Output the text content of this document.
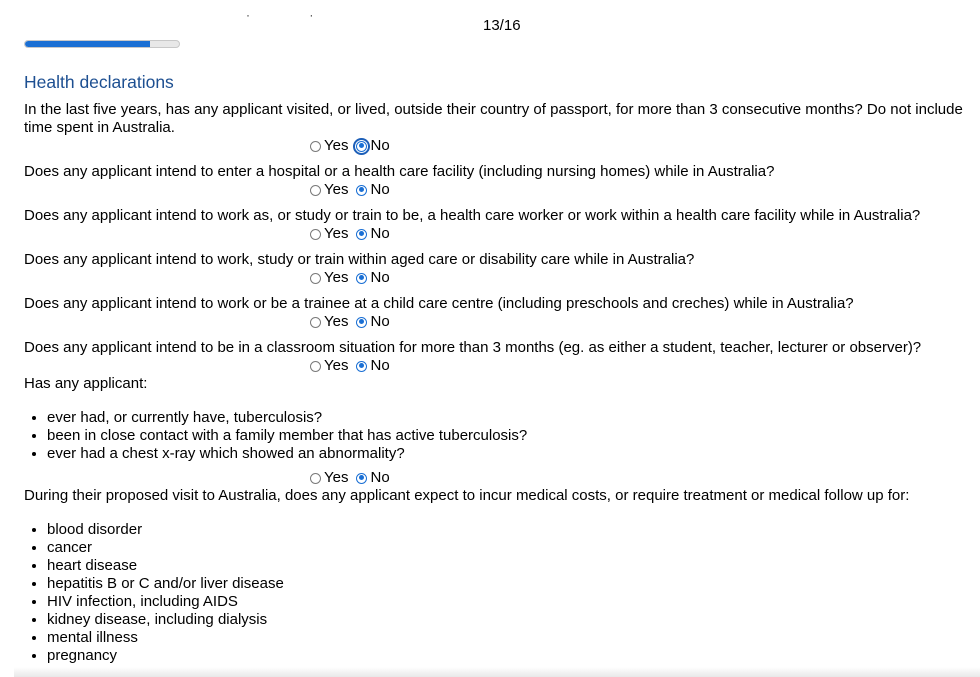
· ·
13/16
Health declarations

In the last five years, has any applicant visited, or lived, outside their country of passport, for more than 3 consecutive months? Do not include time spent in Australia.

Yes No

Does any applicant intend to enter a hospital or a health care facility (including nursing homes) while in Australia?

Yes No

Does any applicant intend to work as, or study or train to be, a health care worker or work within a health care facility while in Australia?

Yes No

Does any applicant intend to work, study or train within aged care or disability care while in Australia?

Yes No

Does any applicant intend to work or be a trainee at a child care centre (including preschools and creches) while in Australia?

Yes No

Does any applicant intend to be in a classroom situation for more than 3 months (eg. as either a student, teacher, lecturer or observer)?

Yes No

Has any applicant:

• ever had, or currently have, tuberculosis?
• been in close contact with a family member that has active tuberculosis?
• ever had a chest x-ray which showed an abnormality?
Yes No

During their proposed visit to Australia, does any applicant expect to incur medical costs, or require treatment or medical follow up for:

• blood disorder
• cancer
• heart disease
• hepatitis B or C and/or liver disease
• HIV infection, including AIDS
• kidney disease, including dialysis
• mental illness
• pregnancy
